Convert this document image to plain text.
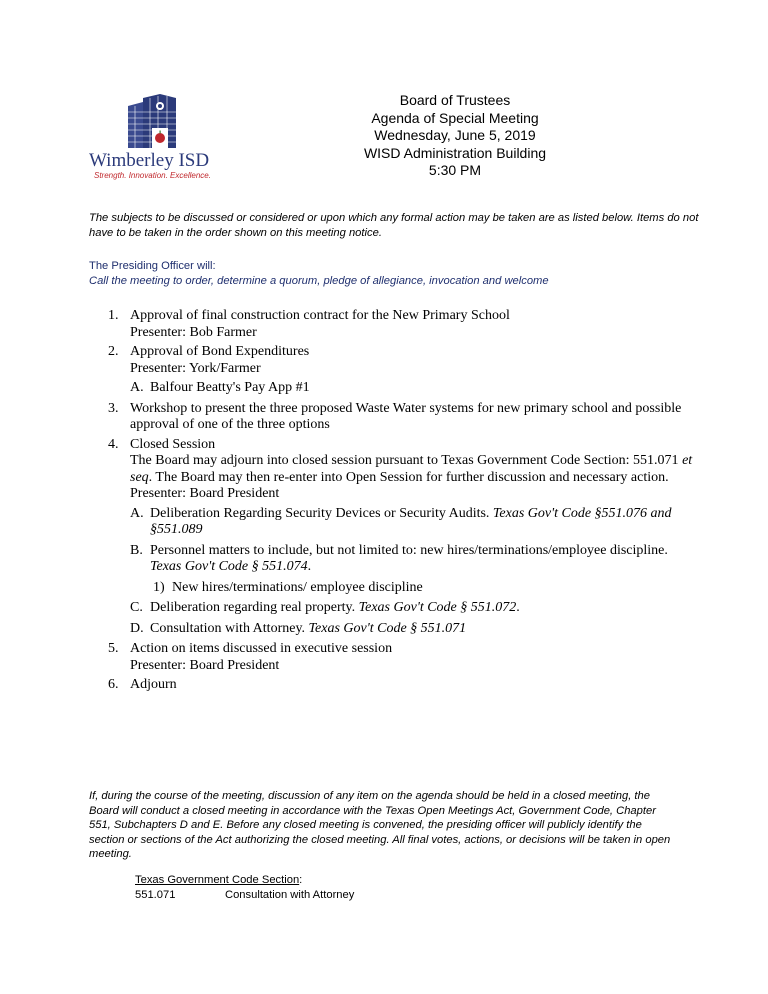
Wimberley ISD
Strength. Innovation. Excellence.
Board of Trustees
Agenda of Special Meeting
Wednesday, June 5, 2019
WISD Administration Building
5:30 PM
The subjects to be discussed or considered or upon which any formal action may be taken are as listed below. Items do not have to be taken in the order shown on this meeting notice.
The Presiding Officer will:
Call the meeting to order, determine a quorum, pledge of allegiance, invocation and welcome
1. Approval of final construction contract for the New Primary School
Presenter: Bob Farmer
2. Approval of Bond Expenditures
Presenter: York/Farmer
A. Balfour Beatty's Pay App #1
3. Workshop to present the three proposed Waste Water systems for new primary school and possible approval of one of the three options
4. Closed Session
The Board may adjourn into closed session pursuant to Texas Government Code Section: 551.071 et seq. The Board may then re-enter into Open Session for further discussion and necessary action.
Presenter: Board President
A. Deliberation Regarding Security Devices or Security Audits. Texas Gov't Code §551.076 and §551.089
B. Personnel matters to include, but not limited to: new hires/terminations/employee discipline. Texas Gov't Code § 551.074.
1) New hires/terminations/ employee discipline
C. Deliberation regarding real property. Texas Gov't Code § 551.072.
D. Consultation with Attorney. Texas Gov't Code § 551.071
5. Action on items discussed in executive session
Presenter: Board President
6. Adjourn
If, during the course of the meeting, discussion of any item on the agenda should be held in a closed meeting, the Board will conduct a closed meeting in accordance with the Texas Open Meetings Act, Government Code, Chapter 551, Subchapters D and E. Before any closed meeting is convened, the presiding officer will publicly identify the section or sections of the Act authorizing the closed meeting. All final votes, actions, or decisions will be taken in open meeting.
Texas Government Code Section:
551.071	Consultation with Attorney
